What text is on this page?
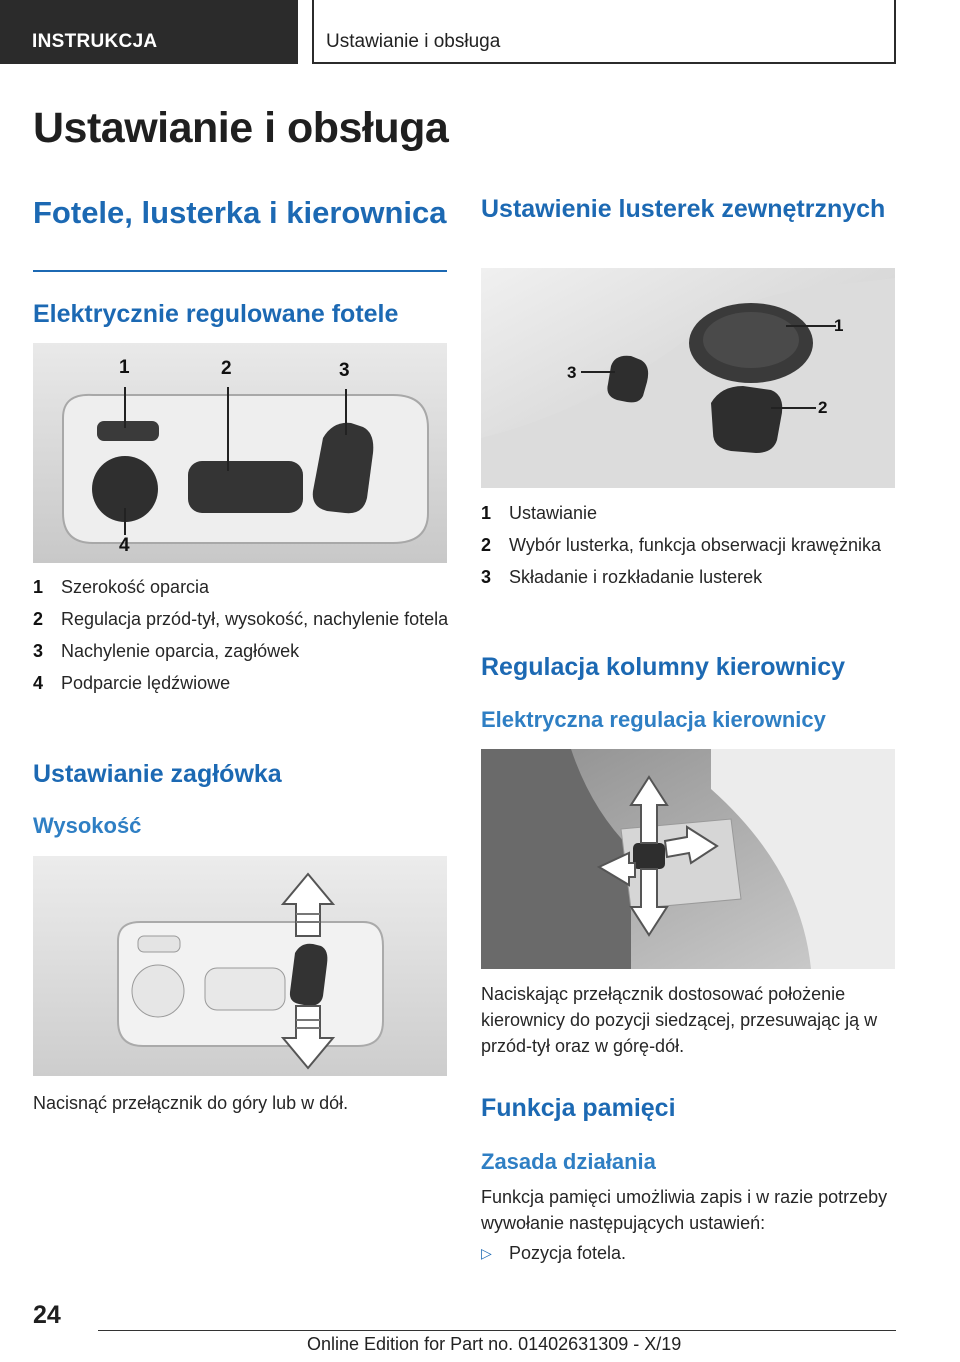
INSTRUKCJA	Ustawianie i obsługa
Ustawianie i obsługa
Fotele, lusterka i kierownica
Elektrycznie regulowane fotele
1	2	3
4
1 Szerokość oparcia
2 Regulacja przód-tył, wysokość, nachylenie fotela
3 Nachylenie oparcia, zagłówek
4 Podparcie lędźwiowe
Ustawianie zagłówka
Wysokość
Nacisnąć przełącznik do góry lub w dół.
Ustawienie lusterek zewnętrznych
1
2
3
1 Ustawianie
2 Wybór lusterka, funkcja obserwacji krawężnika
3 Składanie i rozkładanie lusterek
Regulacja kolumny kierownicy
Elektryczna regulacja kierownicy
Naciskając przełącznik dostosować położenie kierownicy do pozycji siedzącej, przesuwając ją w przód-tył oraz w górę-dół.
Funkcja pamięci
Zasada działania
Funkcja pamięci umożliwia zapis i w razie potrzeby wywołanie następujących ustawień:
▷ Pozycja fotela.
24
Online Edition for Part no. 01402631309 - X/19
